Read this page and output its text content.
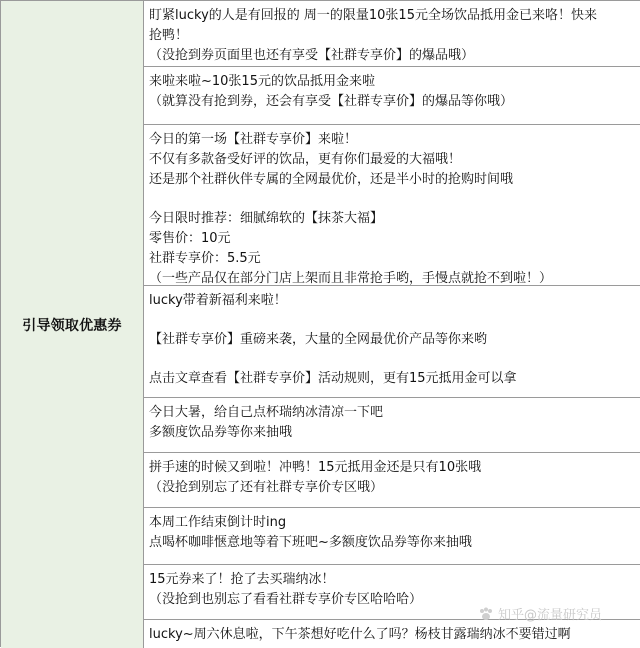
引导领取优惠券
盯紧lucky的人是有回报的 周一的限量10张15元全场饮品抵用金已来咯！快来
抢鸭！
（没抢到券页面里也还有享受【社群专享价】的爆品哦）
来啦来啦~10张15元的饮品抵用金来啦
（就算没有抢到券，还会有享受【社群专享价】的爆品等你哦）
今日的第一场【社群专享价】来啦！
不仅有多款备受好评的饮品，更有你们最爱的大福哦！
还是那个社群伙伴专属的全网最优价，还是半小时的抢购时间哦
今日限时推荐：细腻绵软的【抹茶大福】
零售价：10元
社群专享价：5.5元
（一些产品仅在部分门店上架而且非常抢手哟，手慢点就抢不到啦！）
lucky带着新福利来啦！
【社群专享价】重磅来袭，大量的全网最优价产品等你来哟
点击文章查看【社群专享价】活动规则，更有15元抵用金可以拿
今日大暑，给自己点杯瑞纳冰清凉一下吧
多额度饮品券等你来抽哦
拼手速的时候又到啦！冲鸭！15元抵用金还是只有10张哦
（没抢到别忘了还有社群专享价专区哦）
本周工作结束倒计时ing
点喝杯咖啡惬意地等着下班吧~多额度饮品券等你来抽哦
15元券来了！抢了去买瑞纳冰！
（没抢到也别忘了看看社群专享价专区哈哈哈）
lucky~周六休息啦，下午茶想好吃什么了吗？杨枝甘露瑞纳冰不要错过啊
知乎@流量研究员
